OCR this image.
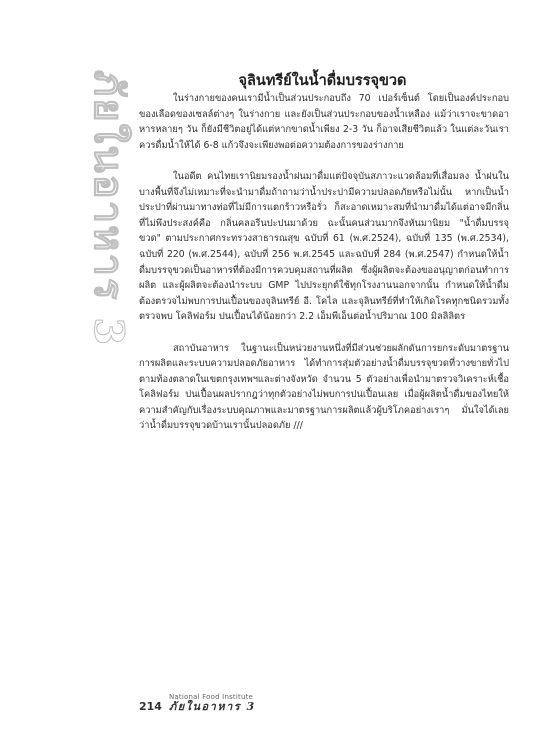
ภัยในอาหาร 3	จุลินทรีย์ในน้ำดื่มบรรจุขวด

ในร่างกายของคนเรามีน้ำเป็นส่วนประกอบถึง 70 เปอร์เซ็นต์ โดยเป็นองค์ประกอบของเลือดของเซลล์ต่างๆ ในร่างกาย และยังเป็นส่วนประกอบของน้ำเหลือง แม้ว่าเราจะขาดอาหารหลายๆ วัน ก็ยังมีชีวิตอยู่ได้แต่หากขาดน้ำเพียง 2-3 วัน ก็อาจเสียชีวิตแล้ว ในแต่ละวันเราควรดื่มน้ำให้ได้ 6-8 แก้วจึงจะเพียงพอต่อความต้องการของร่างกาย

ในอดีต คนไทยเรานิยมรองน้ำฝนมาดื่มแต่ปัจจุบันสภาวะแวดล้อมที่เสื่อมลง น้ำฝนในบางพื้นที่จึงไม่เหมาะที่จะนำมาดื่มถ้าถามว่าน้ำประปามีความปลอดภัยหรือไม่นั้น หากเป็นน้ำประปาที่ผ่านมาทางท่อที่ไม่มีการแตกร้าวหรือรั่ว ก็สะอาดเหมาะสมที่นำมาดื่มได้แต่อาจมีกลิ่นที่ไม่พึงประสงค์คือ กลิ่นคลอรีนปะปนมาด้วย ฉะนั้นคนส่วนมากจึงหันมานิยม "น้ำดื่มบรรจุขวด" ตามประกาศกระทรวงสาธารณสุข ฉบับที่ 61 (พ.ศ.2524), ฉบับที่ 135 (พ.ศ.2534), ฉบับที่ 220 (พ.ศ.2544), ฉบับที่ 256 พ.ศ.2545 และฉบับที่ 284 (พ.ศ.2547) กำหนดให้น้ำดื่มบรรจุขวดเป็นอาหารที่ต้องมีการควบคุมสถานที่ผลิต ซึ่งผู้ผลิตจะต้องขออนุญาตก่อนทำการผลิต และผู้ผลิตจะต้องนำระบบ GMP ไปประยุกต์ใช้ทุกโรงงานนอกจากนั้น กำหนดให้น้ำดื่มต้องตรวจไม่พบการปนเปื้อนของจุลินทรีย์ อี. โคไล และจุลินทรีย์ที่ทำให้เกิดโรคทุกชนิดรวมทั้งตรวจพบ โคลิฟอร์ม ปนเปื้อนได้น้อยกว่า 2.2 เอ็มพีเอ็นต่อน้ำปริมาณ 100 มิลลิลิตร

สถาบันอาหาร ในฐานะเป็นหน่วยงานหนึ่งที่มีส่วนช่วยผลักดันการยกระดับมาตรฐานการผลิตและระบบความปลอดภัยอาหาร ได้ทำการสุ่มตัวอย่างน้ำดื่มบรรจุขวดที่วางขายทั่วไปตามท้องตลาดในเขตกรุงเทพฯและต่างจังหวัด จำนวน 5 ตัวอย่างเพื่อนำมาตรวจวิเคราะห์เชื้อ โคลิฟอร์ม ปนเปื้อนผลปรากฎว่าทุกตัวอย่างไม่พบการปนเปื้อนเลย เมื่อผู้ผลิตน้ำดื่มของไทยให้ความสำคัญกับเรื่องระบบคุณภาพและมาตรฐานการผลิตแล้วผู้บริโภคอย่างเราๆ มั่นใจได้เลยว่าน้ำดื่มบรรจุขวดบ้านเรานั้นปลอดภัย ///

214
National Food Institute
ภัยในอาหาร 3
